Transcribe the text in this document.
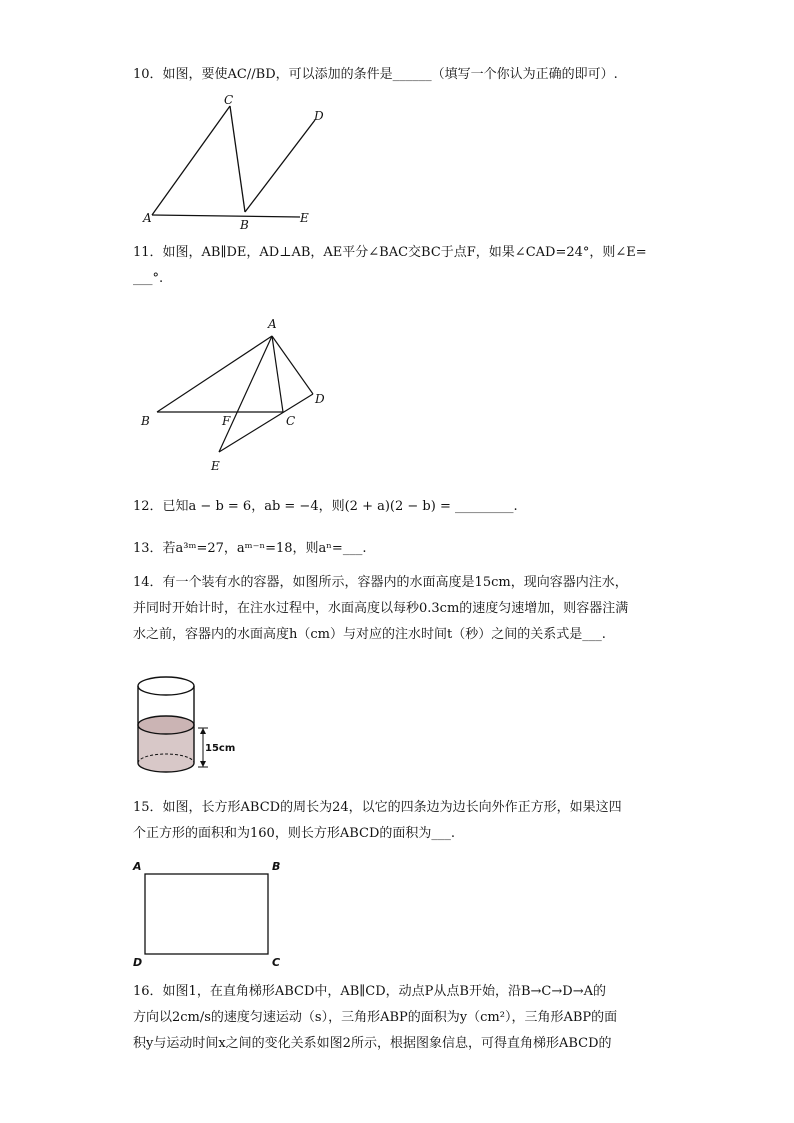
10．如图，要使AC//BD，可以添加的条件是______（填写一个你认为正确的即可）.
A
C
B	E
D
11．如图，AB∥DE，AD⊥AB，AE平分∠BAC交BC于点F，如果∠CAD=24°，则∠E=
___°.
A
B	F	C
D
E
12．已知a − b = 6，ab = −4，则(2 + a)(2 − b) = _________.
13．若a³ᵐ=27，aᵐ⁻ⁿ=18，则aⁿ=___.
14．有一个装有水的容器，如图所示，容器内的水面高度是15cm，现向容器内注水，
并同时开始计时，在注水过程中，水面高度以每秒0.3cm的速度匀速增加，则容器注满
水之前，容器内的水面高度h（cm）与对应的注水时间t（秒）之间的关系式是___.
15cm
15．如图，长方形ABCD的周长为24，以它的四条边为边长向外作正方形，如果这四
个正方形的面积和为160，则长方形ABCD的面积为___.
A	B
D	C
16．如图1，在直角梯形ABCD中，AB∥CD，动点P从点B开始，沿B→C→D→A的
方向以2cm/s的速度匀速运动（s），三角形ABP的面积为y（cm²），三角形ABP的面
积y与运动时间x之间的变化关系如图2所示，根据图象信息，可得直角梯形ABCD的
